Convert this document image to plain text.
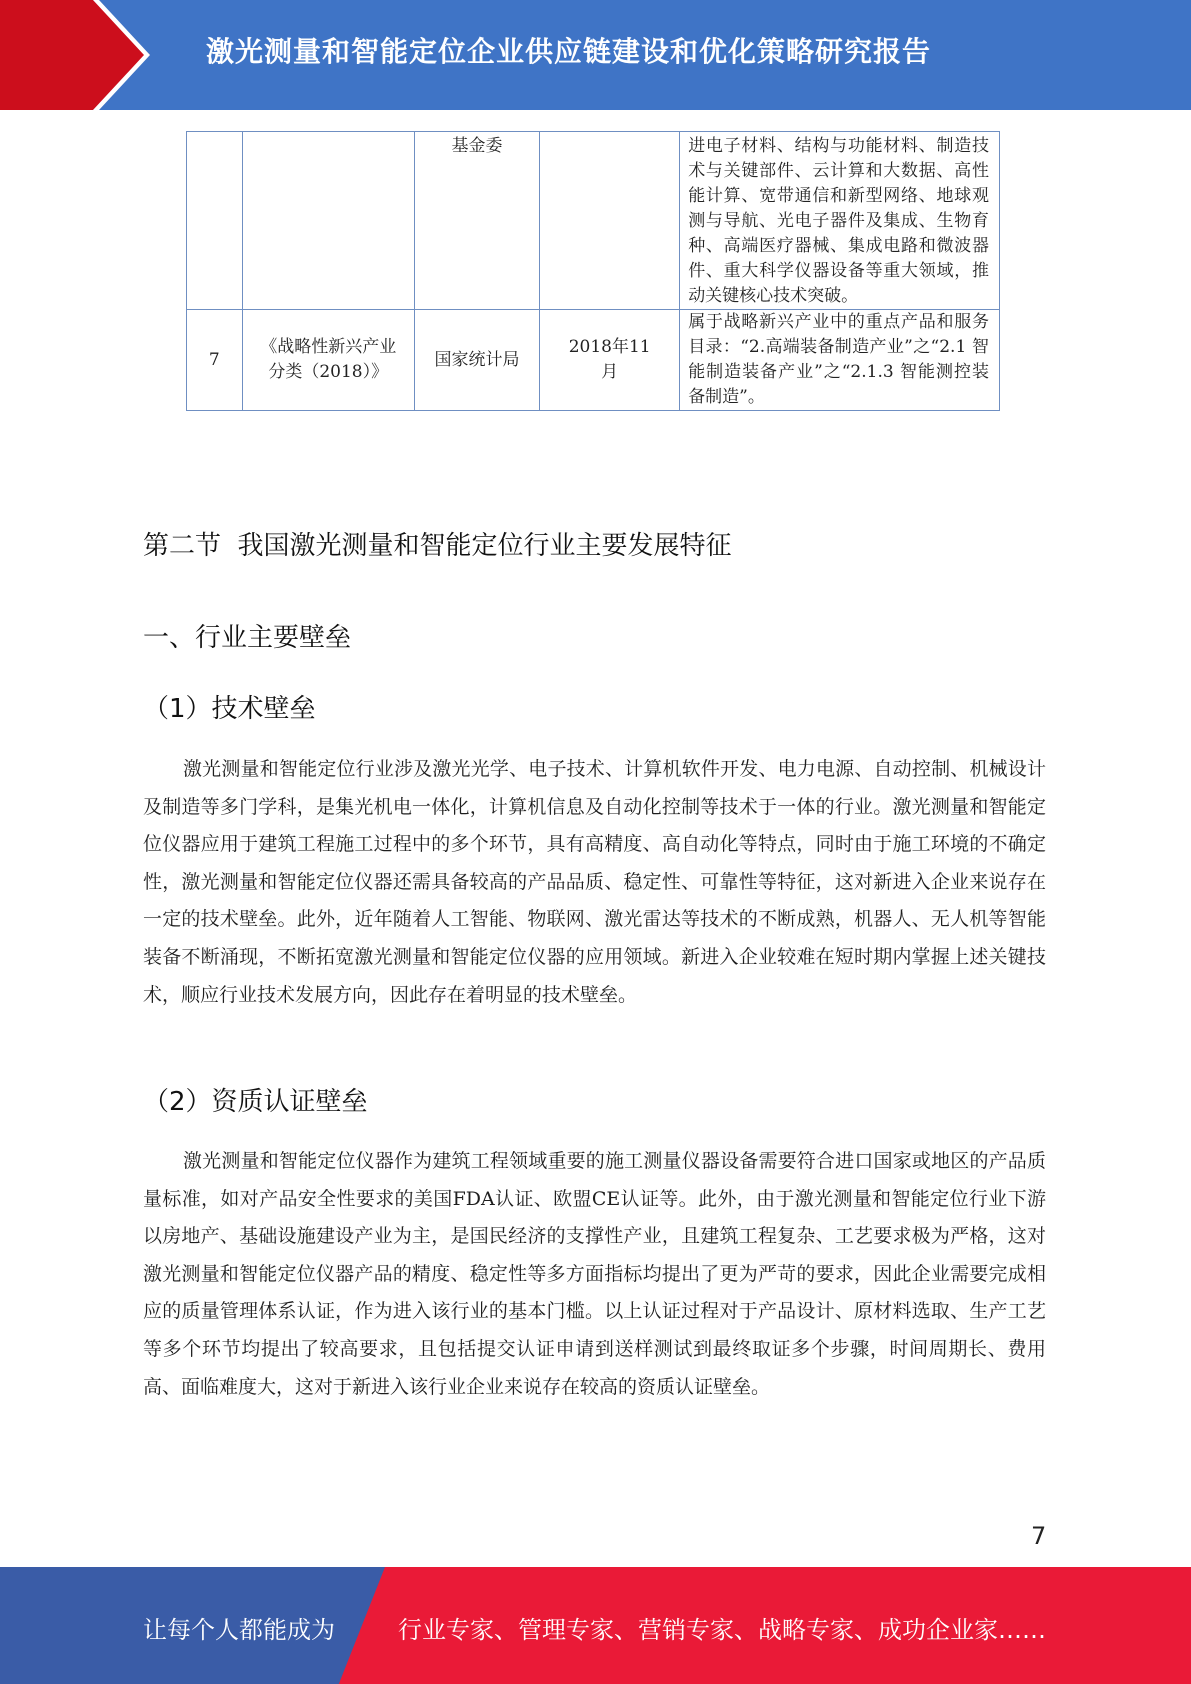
激光测量和智能定位企业供应链建设和优化策略研究报告
		基金委		进电子材料、结构与功能材料、制造技术与关键部件、云计算和大数据、高性能计算、宽带通信和新型网络、地球观测与导航、光电子器件及集成、生物育种、高端医疗器械、集成电路和微波器件、重大科学仪器设备等重大领域，推动关键核心技术突破。
7	《战略性新兴产业分类（2018）》	国家统计局	2018年11月	属于战略新兴产业中的重点产品和服务目录：“2.高端装备制造产业”之“2.1 智能制造装备产业”之“2.1.3 智能测控装备制造”。
第二节  我国激光测量和智能定位行业主要发展特征
一、行业主要壁垒
（1）技术壁垒

激光测量和智能定位行业涉及激光光学、电子技术、计算机软件开发、电力电源、自动控制、机械设计及制造等多门学科，是集光机电一体化，计算机信息及自动化控制等技术于一体的行业。激光测量和智能定位仪器应用于建筑工程施工过程中的多个环节，具有高精度、高自动化等特点，同时由于施工环境的不确定性，激光测量和智能定位仪器还需具备较高的产品品质、稳定性、可靠性等特征，这对新进入企业来说存在一定的技术壁垒。此外，近年随着人工智能、物联网、激光雷达等技术的不断成熟，机器人、无人机等智能装备不断涌现，不断拓宽激光测量和智能定位仪器的应用领域。新进入企业较难在短时期内掌握上述关键技术，顺应行业技术发展方向，因此存在着明显的技术壁垒。

（2）资质认证壁垒

激光测量和智能定位仪器作为建筑工程领域重要的施工测量仪器设备需要符合进口国家或地区的产品质量标准，如对产品安全性要求的美国FDA认证、欧盟CE认证等。此外，由于激光测量和智能定位行业下游以房地产、基础设施建设产业为主，是国民经济的支撑性产业，且建筑工程复杂、工艺要求极为严格，这对激光测量和智能定位仪器产品的精度、稳定性等多方面指标均提出了更为严苛的要求，因此企业需要完成相应的质量管理体系认证，作为进入该行业的基本门槛。以上认证过程对于产品设计、原材料选取、生产工艺等多个环节均提出了较高要求，且包括提交认证申请到送样测试到最终取证多个步骤，时间周期长、费用高、面临难度大，这对于新进入该行业企业来说存在较高的资质认证壁垒。

7
让每个人都能成为	行业专家、管理专家、营销专家、战略专家、成功企业家……
